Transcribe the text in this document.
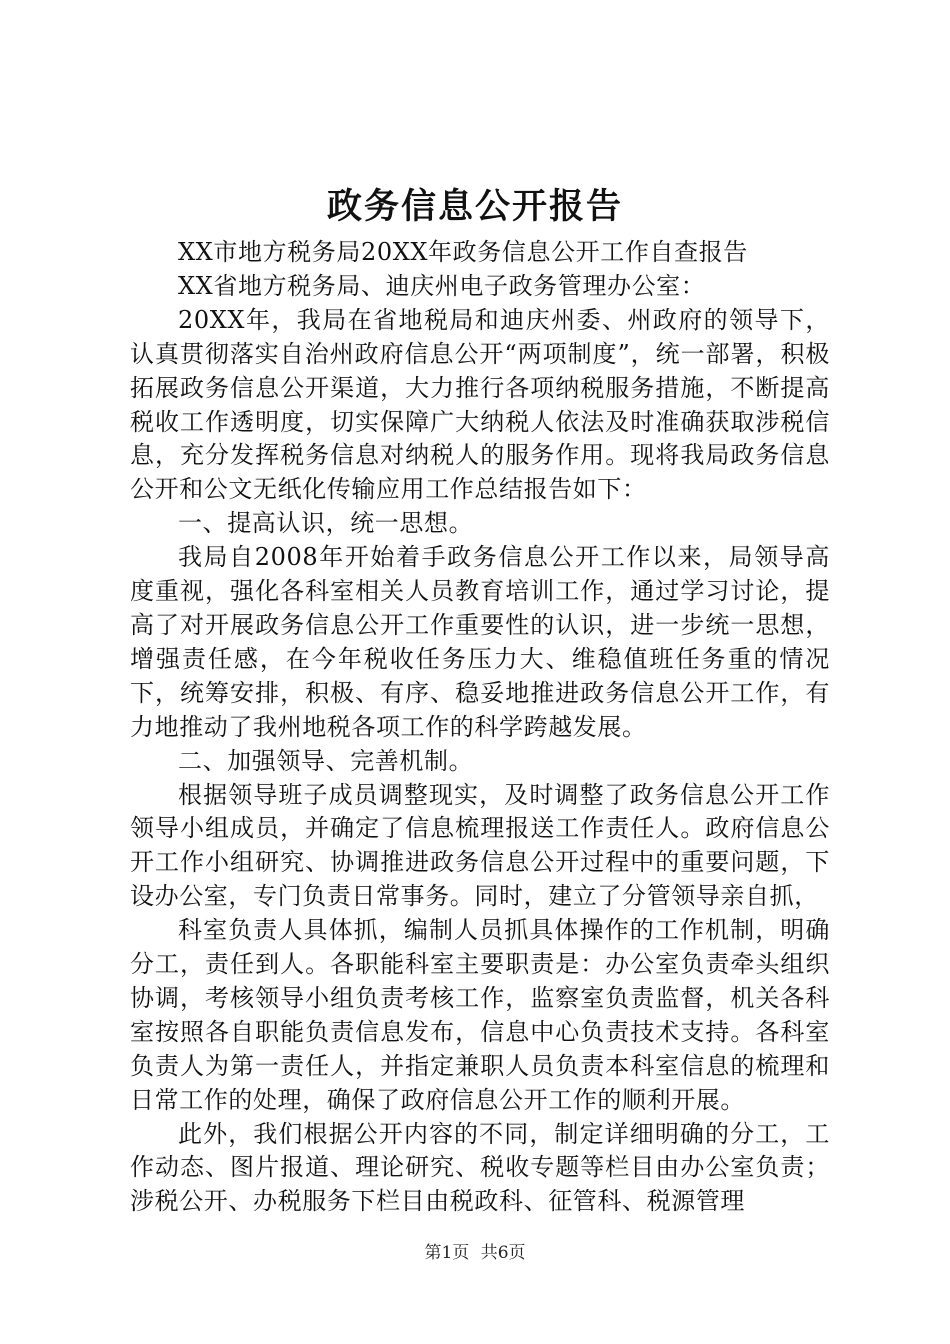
政务信息公开报告

XX市地方税务局20XX年政务信息公开工作自查报告

XX省地方税务局、迪庆州电子政务管理办公室：

20XX年，我局在省地税局和迪庆州委、州政府的领导下，认真贯彻落实自治州政府信息公开“两项制度”，统一部署，积极拓展政务信息公开渠道，大力推行各项纳税服务措施，不断提高税收工作透明度，切实保障广大纳税人依法及时准确获取涉税信息，充分发挥税务信息对纳税人的服务作用。现将我局政务信息公开和公文无纸化传输应用工作总结报告如下：

一、提高认识，统一思想。

我局自2008年开始着手政务信息公开工作以来，局领导高度重视，强化各科室相关人员教育培训工作，通过学习讨论，提高了对开展政务信息公开工作重要性的认识，进一步统一思想，增强责任感，在今年税收任务压力大、维稳值班任务重的情况下，统筹安排，积极、有序、稳妥地推进政务信息公开工作，有力地推动了我州地税各项工作的科学跨越发展。

二、加强领导、完善机制。

根据领导班子成员调整现实，及时调整了政务信息公开工作领导小组成员，并确定了信息梳理报送工作责任人。政府信息公开工作小组研究、协调推进政务信息公开过程中的重要问题，下设办公室，专门负责日常事务。同时，建立了分管领导亲自抓，

科室负责人具体抓，编制人员抓具体操作的工作机制，明确分工，责任到人。各职能科室主要职责是：办公室负责牵头组织协调，考核领导小组负责考核工作，监察室负责监督，机关各科室按照各自职能负责信息发布，信息中心负责技术支持。各科室负责人为第一责任人，并指定兼职人员负责本科室信息的梳理和日常工作的处理，确保了政府信息公开工作的顺利开展。

此外，我们根据公开内容的不同，制定详细明确的分工，工作动态、图片报道、理论研究、税收专题等栏目由办公室负责；涉税公开、办税服务下栏目由税政科、征管科、税源管理

第1页 共6页
